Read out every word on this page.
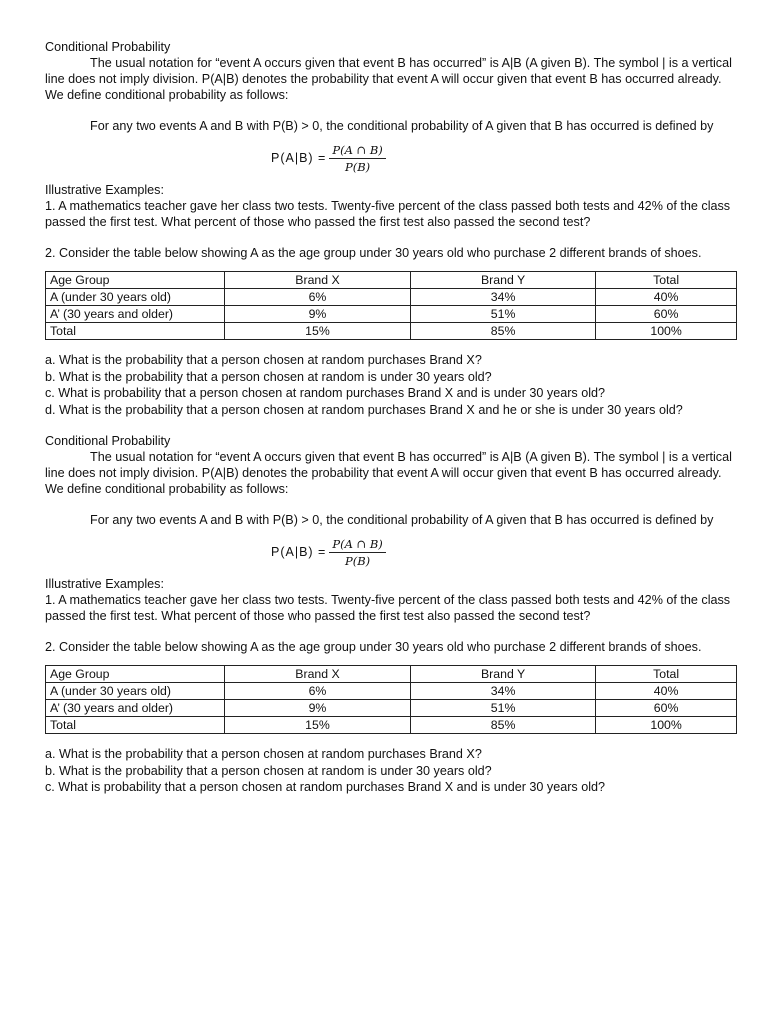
Conditional Probability

The usual notation for “event A occurs given that event B has occurred” is A|B (A given B). The symbol | is a vertical line does not imply division. P(A|B) denotes the probability that event A will occur given that event B has occurred already. We define conditional probability as follows:

For any two events A and B with P(B) > 0, the conditional probability of A given that B has occurred is defined by

$P(A|B) = \frac{P(A \cap B)}{P(B)}$

Illustrative Examples:

1. A mathematics teacher gave her class two tests. Twenty-five percent of the class passed both tests and 42% of the class passed the first test. What percent of those who passed the first test also passed the second test?

2. Consider the table below showing A as the age group under 30 years old who purchase 2 different brands of shoes.

Age Group	Brand X	Brand Y	Total
A (under 30 years old)	6%	34%	40%
A’ (30 years and older)	9%	51%	60%
Total	15%	85%	100%

a. What is the probability that a person chosen at random purchases Brand X?

b. What is the probability that a person chosen at random is under 30 years old?

c. What is probability that a person chosen at random purchases Brand X and is under 30 years old?

d. What is the probability that a person chosen at random purchases Brand X and he or she is under 30 years old?

Conditional Probability

The usual notation for “event A occurs given that event B has occurred” is A|B (A given B). The symbol | is a vertical line does not imply division. P(A|B) denotes the probability that event A will occur given that event B has occurred already. We define conditional probability as follows:

For any two events A and B with P(B) > 0, the conditional probability of A given that B has occurred is defined by

$P(A|B) = \frac{P(A \cap B)}{P(B)}$

Illustrative Examples:

1. A mathematics teacher gave her class two tests. Twenty-five percent of the class passed both tests and 42% of the class passed the first test. What percent of those who passed the first test also passed the second test?

2. Consider the table below showing A as the age group under 30 years old who purchase 2 different brands of shoes.

Age Group	Brand X	Brand Y	Total
A (under 30 years old)	6%	34%	40%
A’ (30 years and older)	9%	51%	60%
Total	15%	85%	100%

a. What is the probability that a person chosen at random purchases Brand X?

b. What is the probability that a person chosen at random is under 30 years old?

c. What is probability that a person chosen at random purchases Brand X and is under 30 years old?
